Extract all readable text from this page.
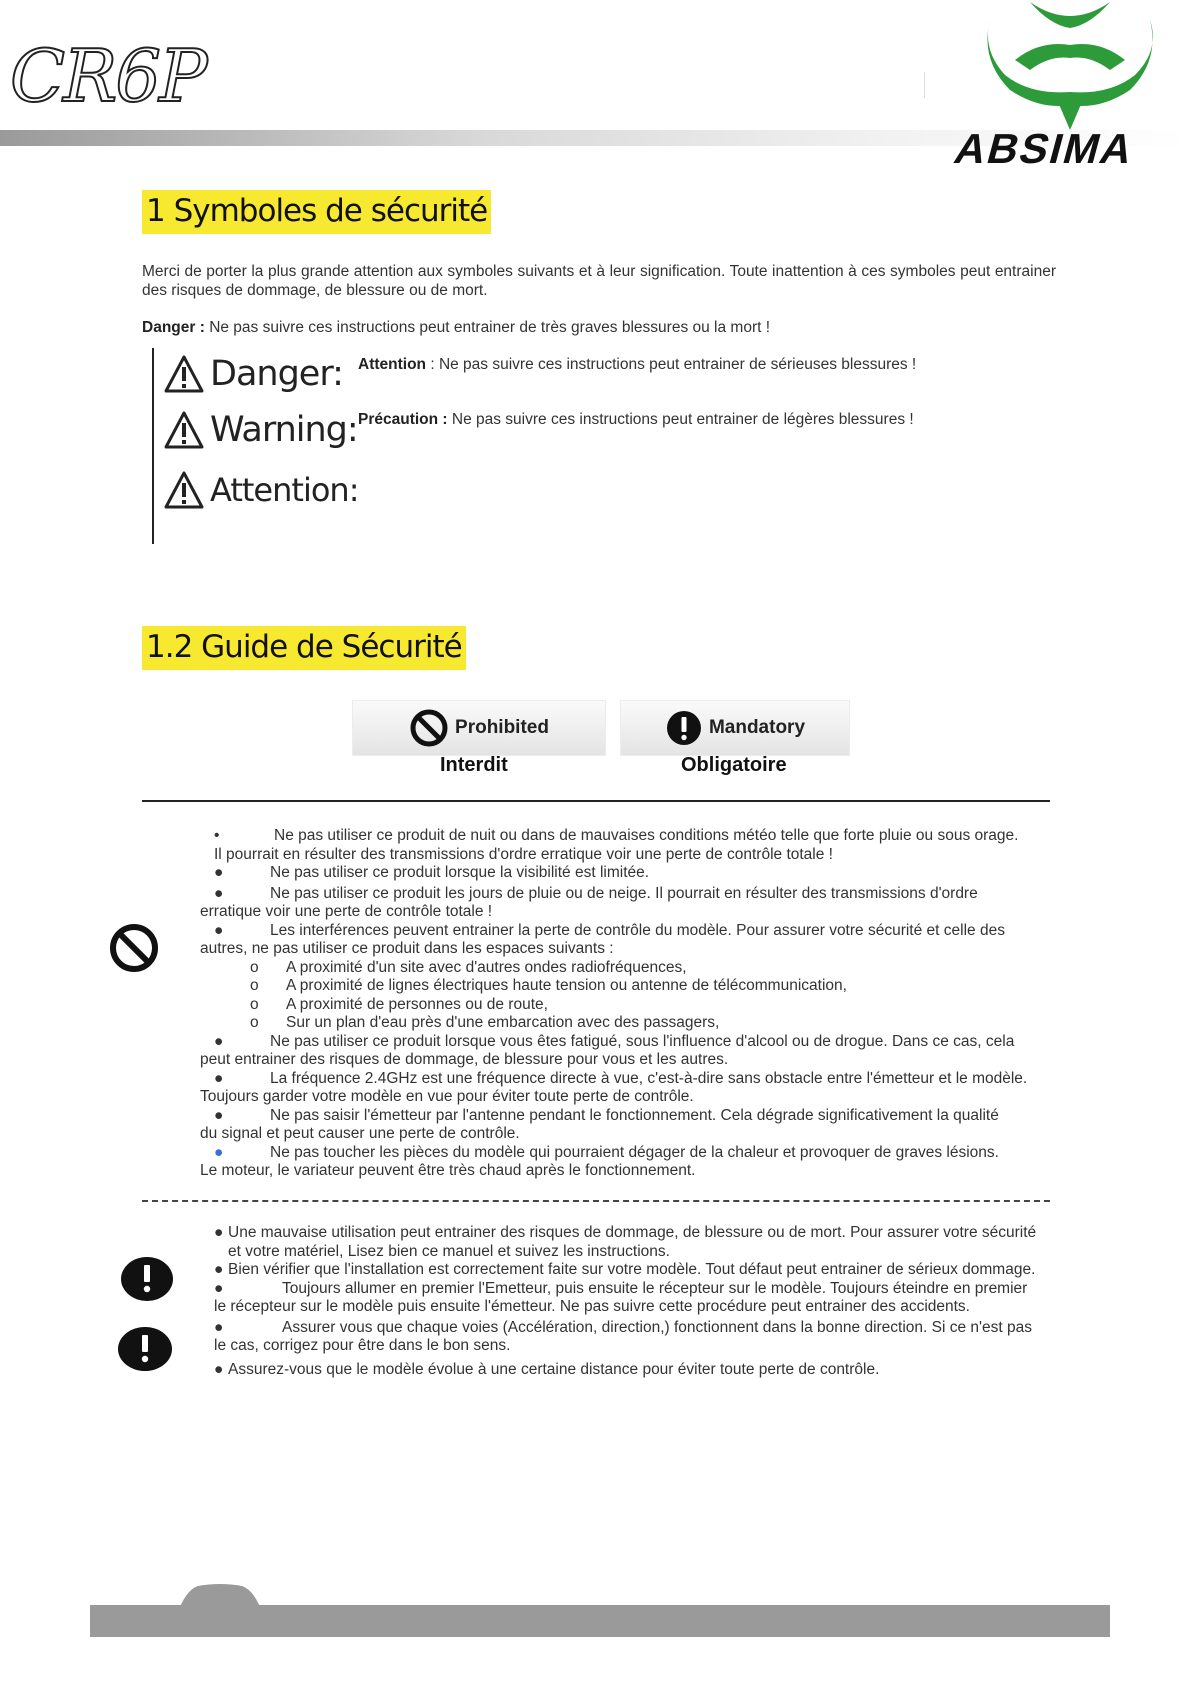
CR6P
ABSIMA
1 Symboles de sécurité
Merci de porter la plus grande attention aux symboles suivants et à leur signification. Toute inattention à ces symboles peut entrainer des risques de dommage, de blessure ou de mort.
Danger : Ne pas suivre ces instructions peut entrainer de très graves blessures ou la mort !
Danger:
Warning:
Attention:
Attention : Ne pas suivre ces instructions peut entrainer de sérieuses blessures !
Précaution : Ne pas suivre ces instructions peut entrainer de légères blessures !
1.2 Guide de Sécurité
Prohibited	Mandatory
Interdit	Obligatoire

•	Ne pas utiliser ce produit de nuit ou dans de mauvaises conditions météo telle que forte pluie ou sous orage.

Il pourrait en résulter des transmissions d'ordre erratique voir une perte de contrôle totale !

●	Ne pas utiliser ce produit lorsque la visibilité est limitée.

●	Ne pas utiliser ce produit les jours de pluie ou de neige. Il pourrait en résulter des transmissions d'ordre

erratique voir une perte de contrôle totale !

●	Les interférences peuvent entrainer la perte de contrôle du modèle. Pour assurer votre sécurité et celle des

autres, ne pas utiliser ce produit dans les espaces suivants :

o A proximité d'un site avec d'autres ondes radiofréquences,

o A proximité de lignes électriques haute tension ou antenne de télécommunication,

o A proximité de personnes ou de route,

o Sur un plan d'eau près d'une embarcation avec des passagers,

●	Ne pas utiliser ce produit lorsque vous êtes fatigué, sous l'influence d'alcool ou de drogue. Dans ce cas, cela

peut entrainer des risques de dommage, de blessure pour vous et les autres.

●	La fréquence 2.4GHz est une fréquence directe à vue, c'est-à-dire sans obstacle entre l'émetteur et le modèle.

Toujours garder votre modèle en vue pour éviter toute perte de contrôle.

●	Ne pas saisir l'émetteur par l'antenne pendant le fonctionnement. Cela dégrade significativement la qualité

du signal et peut causer une perte de contrôle.

●	Ne pas toucher les pièces du modèle qui pourraient dégager de la chaleur et provoquer de graves lésions.

Le moteur, le variateur peuvent être très chaud après le fonctionnement.

● Une mauvaise utilisation peut entrainer des risques de dommage, de blessure ou de mort. Pour assurer votre sécurité

et votre matériel, Lisez bien ce manuel et suivez les instructions.

● Bien vérifier que l'installation est correctement faite sur votre modèle. Tout défaut peut entrainer de sérieux dommage.

●	Toujours allumer en premier l'Emetteur, puis ensuite le récepteur sur le modèle. Toujours éteindre en premier

le récepteur sur le modèle puis ensuite l'émetteur. Ne pas suivre cette procédure peut entrainer des accidents.

●	Assurer vous que chaque voies (Accélération, direction,) fonctionnent dans la bonne direction. Si ce n'est pas

le cas, corrigez pour être dans le bon sens.

● Assurez-vous que le modèle évolue à une certaine distance pour éviter toute perte de contrôle.
